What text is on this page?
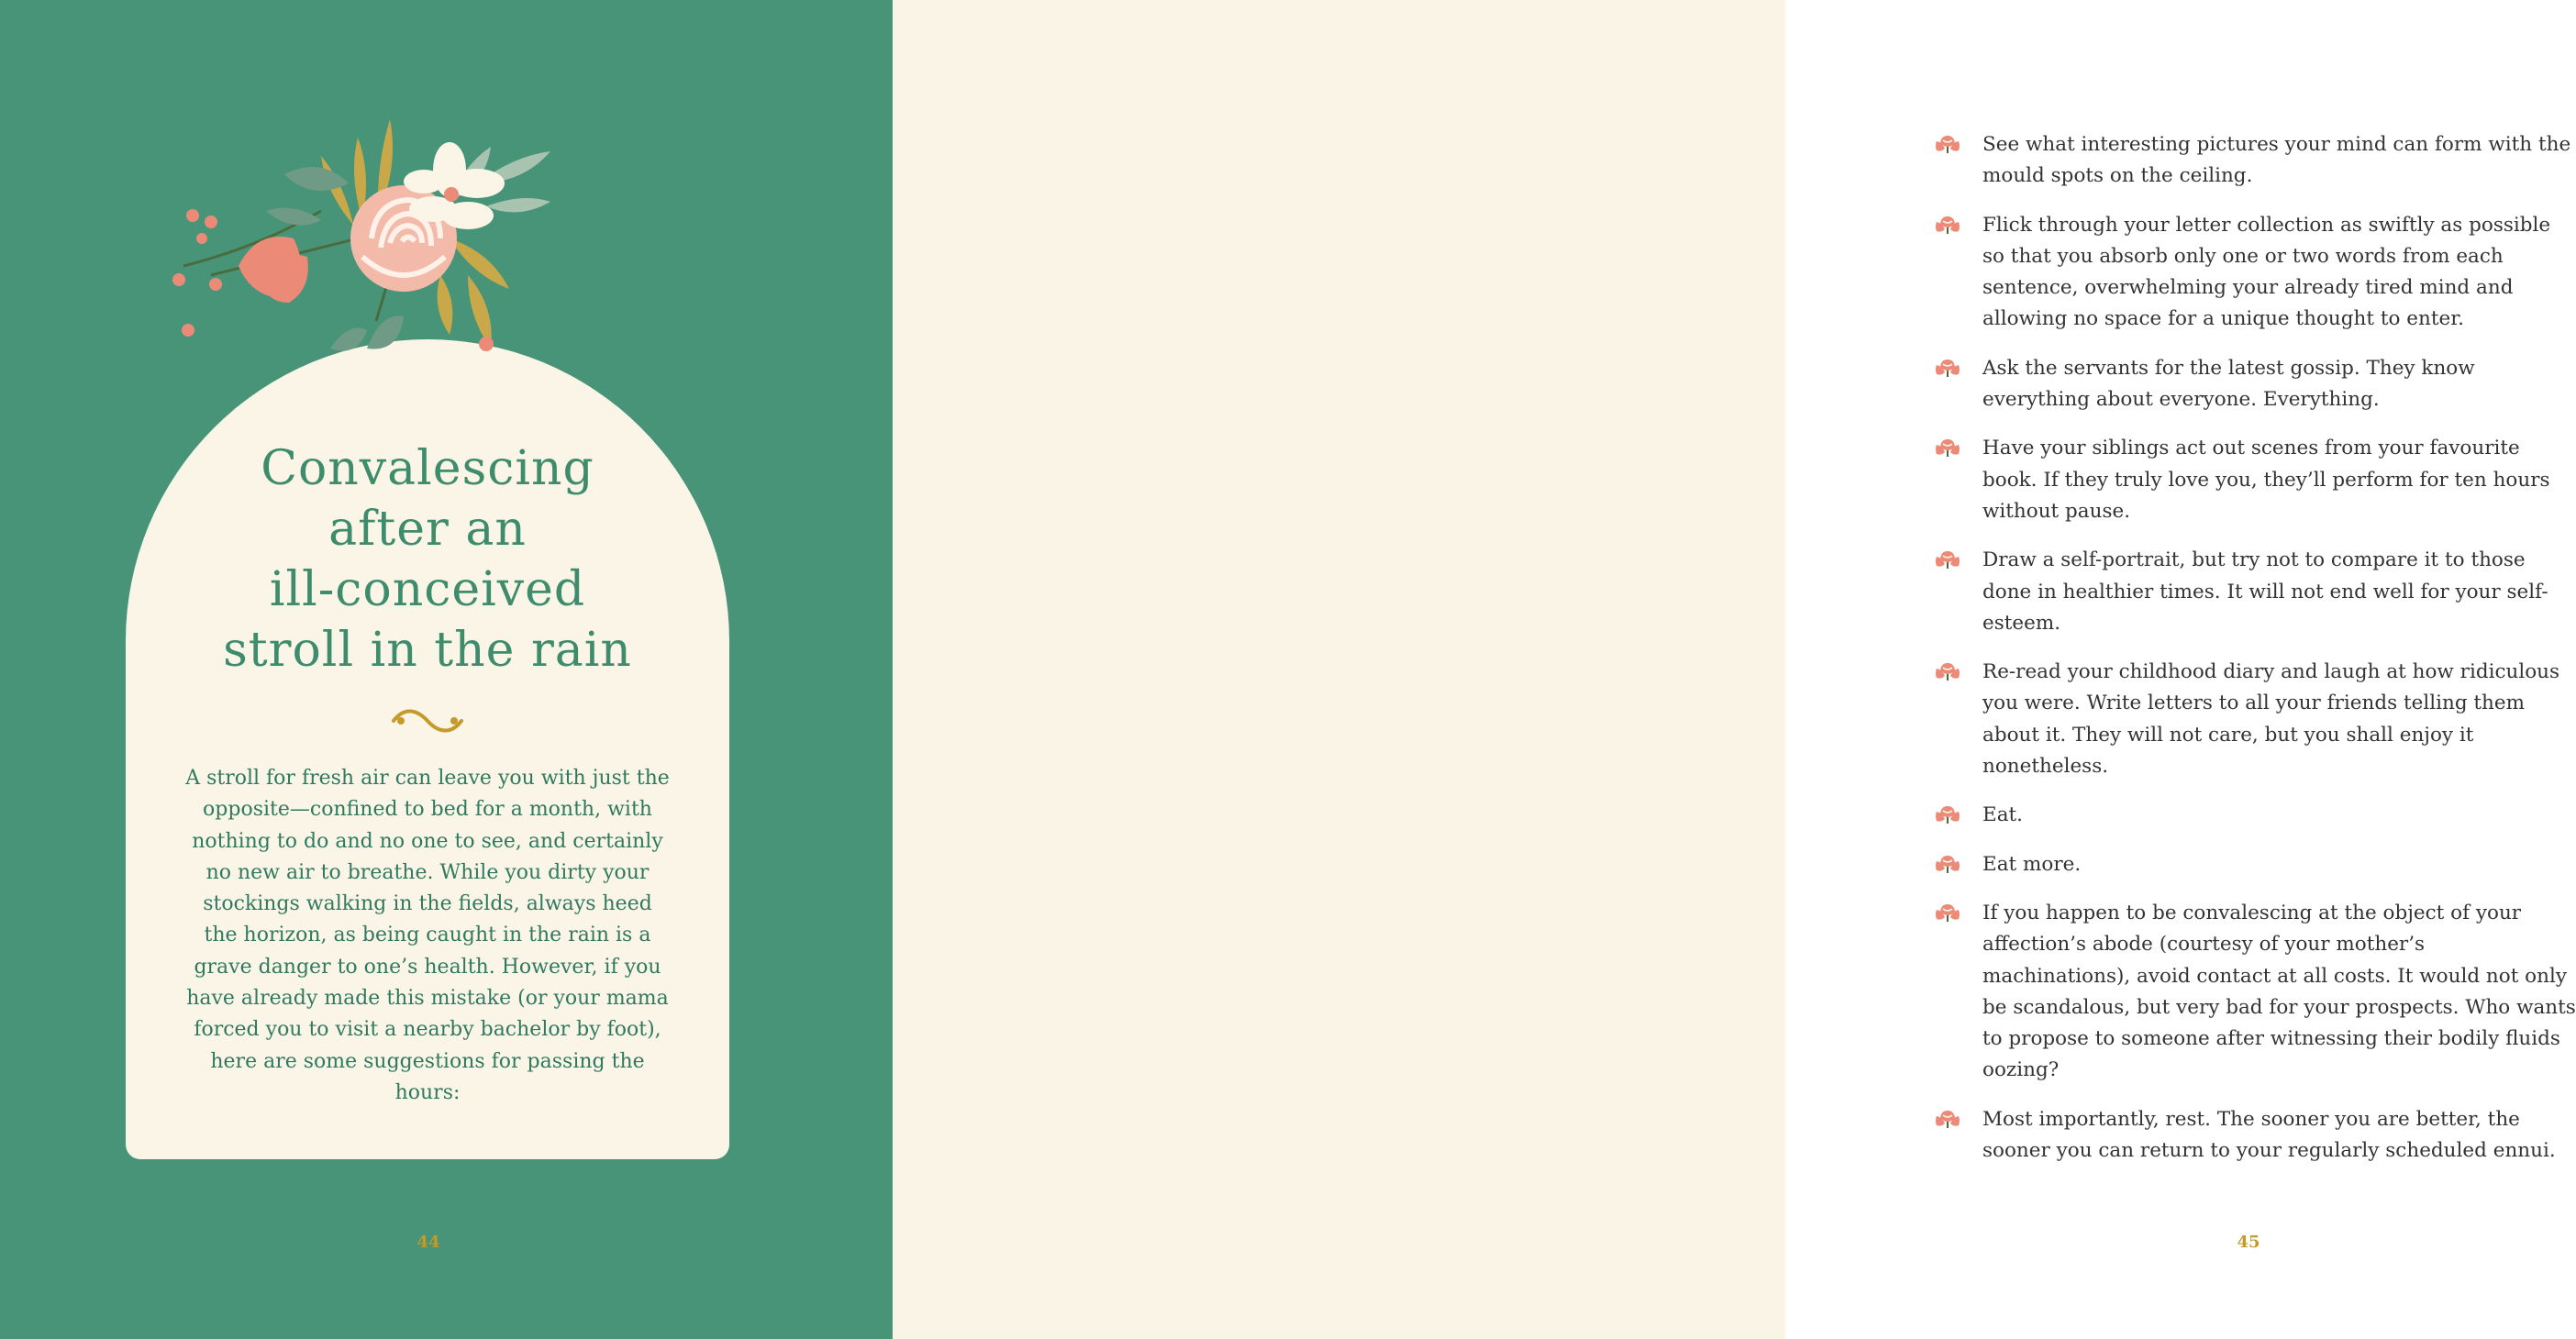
Convalescing
after an
ill-conceived
stroll in the rain

A stroll for fresh air can leave you with just the opposite—confined to bed for a month, with nothing to do and no one to see, and certainly no new air to breathe. While you dirty your stockings walking in the fields, always heed the horizon, as being caught in the rain is a grave danger to one’s health. However, if you have already made this mistake (or your mama forced you to visit a nearby bachelor by foot), here are some suggestions for passing the hours:

44
See what interesting pictures your mind can form with the mould spots on the ceiling.
Flick through your letter collection as swiftly as possible so that you absorb only one or two words from each sentence, overwhelming your already tired mind and allowing no space for a unique thought to enter.
Ask the servants for the latest gossip. They know everything about everyone. Everything.
Have your siblings act out scenes from your favourite book. If they truly love you, they’ll perform for ten hours without pause.
Draw a self-portrait, but try not to compare it to those done in healthier times. It will not end well for your self-esteem.
Re-read your childhood diary and laugh at how ridiculous you were. Write letters to all your friends telling them about it. They will not care, but you shall enjoy it nonetheless.
Eat.
Eat more.
If you happen to be convalescing at the object of your affection’s abode (courtesy of your mother’s machinations), avoid contact at all costs. It would not only be scandalous, but very bad for your prospects. Who wants to propose to someone after witnessing their bodily fluids oozing?
Most importantly, rest. The sooner you are better, the sooner you can return to your regularly scheduled ennui.
45
